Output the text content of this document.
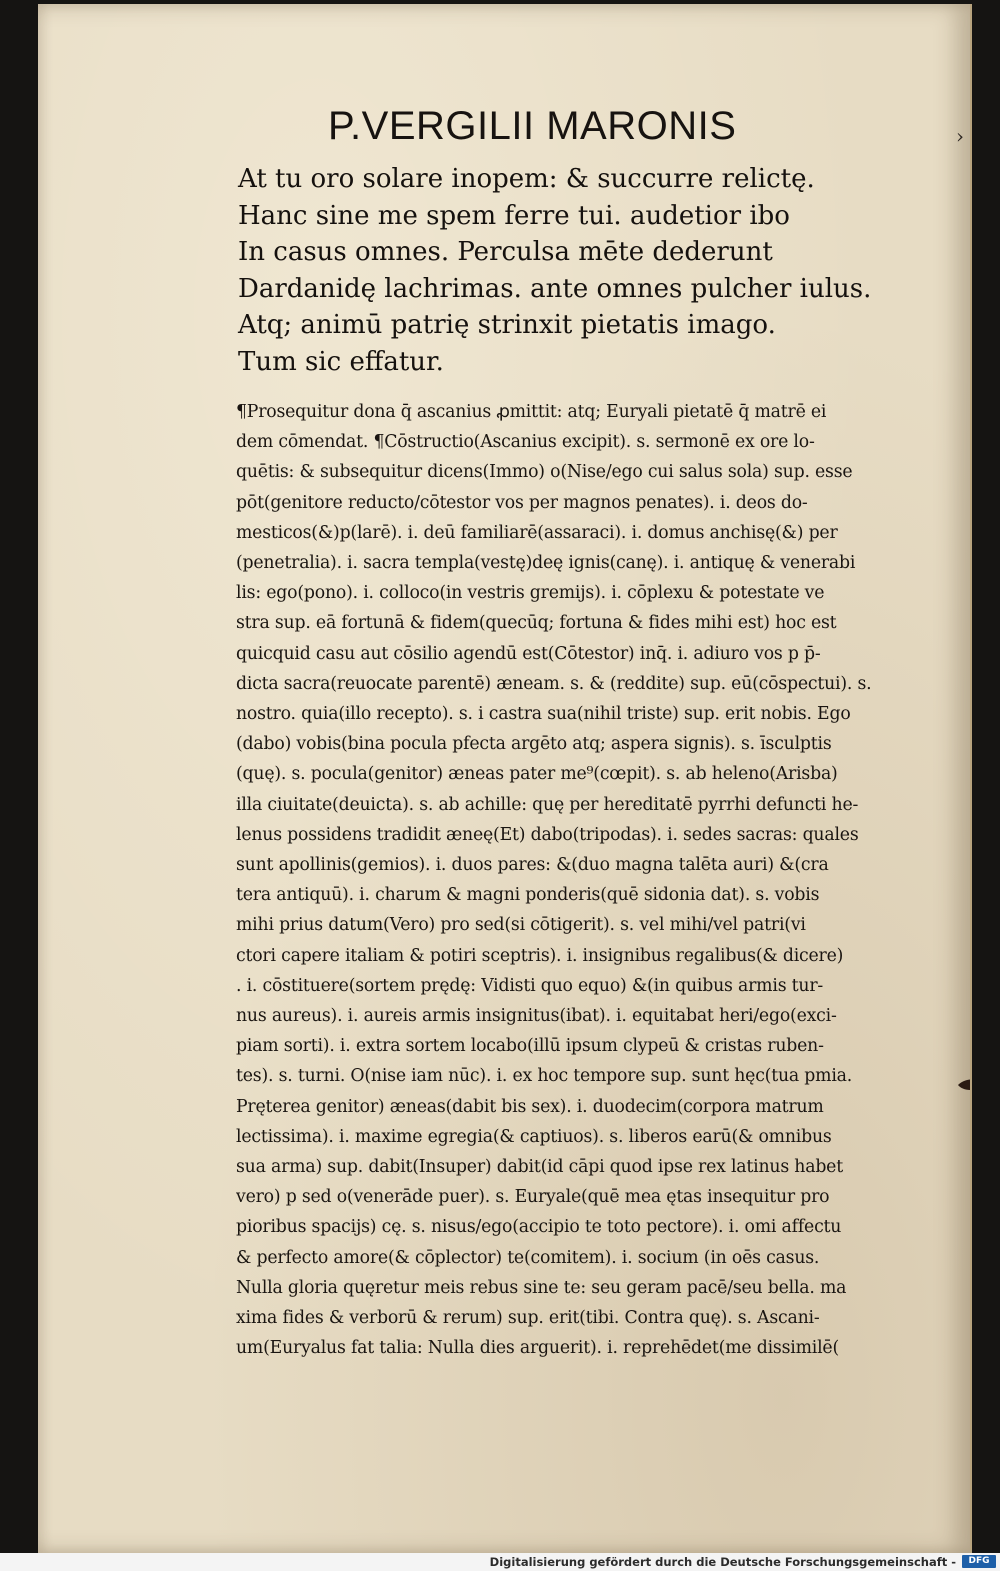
P.VERGILII MARONIS	›
At tu oro solare inopem: & succurre relictę.
Hanc sine me spem ferre tui. audetior ibo
In casus omnes. Perculsa mēte dederunt
Dardanidę lachrimas. ante omnes pulcher iulus.
Atq; animū patrię strinxit pietatis imago.
Tum sic effatur.
¶Prosequitur dona q̄ ascanius ꝓmittit: atq; Euryali pietatē q̄ matrē ei
dem cōmendat. ¶Cōstructio(Ascanius excipit). s. sermonē ex ore lo-
quētis: & subsequitur dicens(Immo) o(Nise/ego cui salus sola) sup. esse
pōt(genitore reducto/cōtestor vos per magnos penates). i. deos do-
mesticos(&)p(larē). i. deū familiarē(assaraci). i. domus anchisę(&) per
(penetralia). i. sacra templa(vestę)deę ignis(canę). i. antiquę & venerabi
lis: ego(pono). i. colloco(in vestris gremijs). i. cōplexu & potestate ve
stra sup. eā fortunā & fidem(quecūq; fortuna & fides mihi est) hoc est
quicquid casu aut cōsilio agendū est(Cōtestor) inq̄. i. adiuro vos p p̄-
dicta sacra(reuocate parentē) æneam. s. & (reddite) sup. eū(cōspectui). s.
nostro. quia(illo recepto). s. i castra sua(nihil triste) sup. erit nobis. Ego
(dabo) vobis(bina pocula pfecta argēto atq; aspera signis). s. īsculptis
(quę). s. pocula(genitor) æneas pater me⁹(cœpit). s. ab heleno(Arisba)
illa ciuitate(deuicta). s. ab achille: quę per hereditatē pyrrhi defuncti he-
lenus possidens tradidit æneę(Et) dabo(tripodas). i. sedes sacras: quales
sunt apollinis(gemios). i. duos pares: &(duo magna talēta auri) &(cra
tera antiquū). i. charum & magni ponderis(quē sidonia dat). s. vobis
mihi prius datum(Vero) pro sed(si cōtigerit). s. vel mihi/vel patri(vi
ctori capere italiam & potiri sceptris). i. insignibus regalibus(& dicere)
. i. cōstituere(sortem prędę: Vidisti quo equo) &(in quibus armis tur-
nus aureus). i. aureis armis insignitus(ibat). i. equitabat heri/ego(exci-
piam sorti). i. extra sortem locabo(illū ipsum clypeū & cristas ruben-
tes). s. turni. O(nise iam nūc). i. ex hoc tempore sup. sunt hęc(tua pmia.
Pręterea genitor) æneas(dabit bis sex). i. duodecim(corpora matrum
lectissima). i. maxime egregia(& captiuos). s. liberos earū(& omnibus
sua arma) sup. dabit(Insuper) dabit(id cāpi quod ipse rex latinus habet
vero) p sed o(venerāde puer). s. Euryale(quē mea ętas insequitur pro
pioribus spacijs) cę. s. nisus/ego(accipio te toto pectore). i. omi affectu
& perfecto amore(& cōplector) te(comitem). i. socium (in oēs casus.
Nulla gloria quęretur meis rebus sine te: seu geram pacē/seu bella. ma
xima fides & verborū & rerum) sup. erit(tibi. Contra quę). s. Ascani-
um(Euryalus fat talia: Nulla dies arguerit). i. reprehēdet(me dissimilē(
Digitalisierung gefördert durch die Deutsche Forschungsgemeinschaft -	DFG
